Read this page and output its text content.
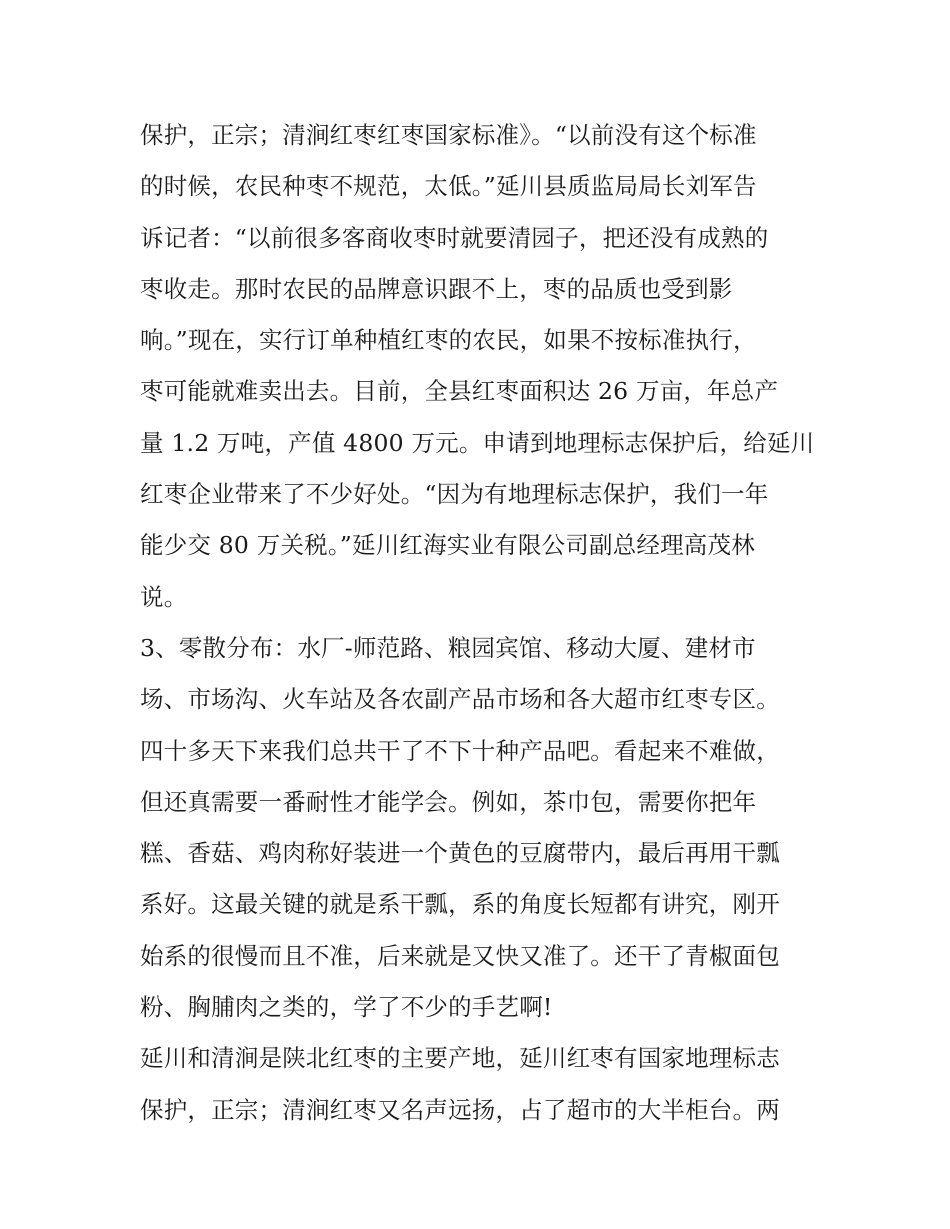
保护，正宗；清涧红枣红枣国家标准》。“以前没有这个标准
的时候，农民种枣不规范，太低。”延川县质监局局长刘军告
诉记者：“以前很多客商收枣时就要清园子，把还没有成熟的
枣收走。那时农民的品牌意识跟不上，枣的品质也受到影
响。”现在，实行订单种植红枣的农民，如果不按标准执行，
枣可能就难卖出去。目前，全县红枣面积达 26 万亩，年总产
量 1.2 万吨，产值 4800 万元。申请到地理标志保护后，给延川
红枣企业带来了不少好处。“因为有地理标志保护，我们一年
能少交 80 万关税。”延川红海实业有限公司副总经理高茂林
说。
3、零散分布：水厂-师范路、粮园宾馆、移动大厦、建材市
场、市场沟、火车站及各农副产品市场和各大超市红枣专区。
四十多天下来我们总共干了不下十种产品吧。看起来不难做，
但还真需要一番耐性才能学会。例如，茶巾包，需要你把年
糕、香菇、鸡肉称好装进一个黄色的豆腐带内，最后再用干瓢
系好。这最关键的就是系干瓢，系的角度长短都有讲究，刚开
始系的很慢而且不准，后来就是又快又准了。还干了青椒面包
粉、胸脯肉之类的，学了不少的手艺啊!
延川和清涧是陕北红枣的主要产地，延川红枣有国家地理标志
保护，正宗；清涧红枣又名声远扬，占了超市的大半柜台。两
